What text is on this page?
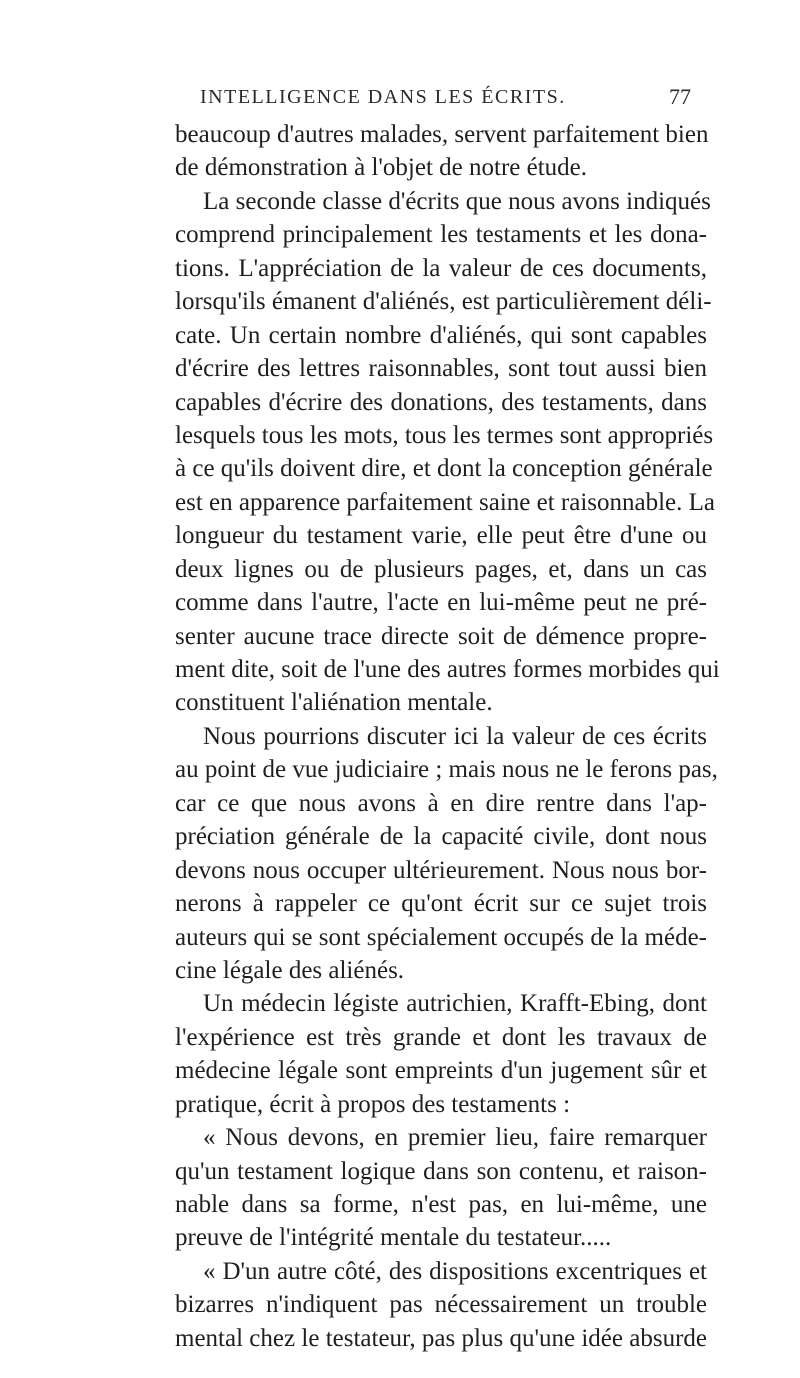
INTELLIGENCE DANS LES ÉCRITS.	77
beaucoup d'autres malades, servent parfaitement bien
de démonstration à l'objet de notre étude.
La seconde classe d'écrits que nous avons indiqués
comprend principalement les testaments et les dona-
tions. L'appréciation de la valeur de ces documents,
lorsqu'ils émanent d'aliénés, est particulièrement déli-
cate. Un certain nombre d'aliénés, qui sont capables
d'écrire des lettres raisonnables, sont tout aussi bien
capables d'écrire des donations, des testaments, dans
lesquels tous les mots, tous les termes sont appropriés
à ce qu'ils doivent dire, et dont la conception générale
est en apparence parfaitement saine et raisonnable. La
longueur du testament varie, elle peut être d'une ou
deux lignes ou de plusieurs pages, et, dans un cas
comme dans l'autre, l'acte en lui-même peut ne pré-
senter aucune trace directe soit de démence propre-
ment dite, soit de l'une des autres formes morbides qui
constituent l'aliénation mentale.
Nous pourrions discuter ici la valeur de ces écrits
au point de vue judiciaire ; mais nous ne le ferons pas,
car ce que nous avons à en dire rentre dans l'ap-
préciation générale de la capacité civile, dont nous
devons nous occuper ultérieurement. Nous nous bor-
nerons à rappeler ce qu'ont écrit sur ce sujet trois
auteurs qui se sont spécialement occupés de la méde-
cine légale des aliénés.
Un médecin légiste autrichien, Krafft-Ebing, dont
l'expérience est très grande et dont les travaux de
médecine légale sont empreints d'un jugement sûr et
pratique, écrit à propos des testaments :
« Nous devons, en premier lieu, faire remarquer
qu'un testament logique dans son contenu, et raison-
nable dans sa forme, n'est pas, en lui-même, une
preuve de l'intégrité mentale du testateur.....
« D'un autre côté, des dispositions excentriques et
bizarres n'indiquent pas nécessairement un trouble
mental chez le testateur, pas plus qu'une idée absurde
